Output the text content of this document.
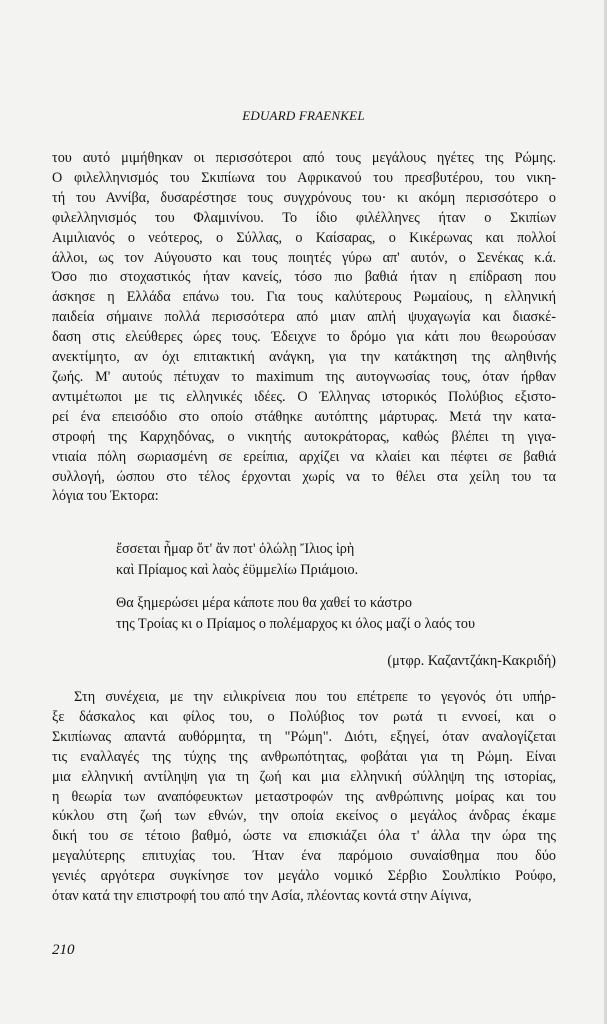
EDUARD FRAENKEL

του αυτό μιμήθηκαν οι περισσότεροι από τους μεγάλους ηγέτες της Ρώμης.

Ο φιλελληνισμός του Σκιπίωνα του Αφρικανού του πρεσβυτέρου, του νικη-

τή του Αννίβα, δυσαρέστησε τους συγχρόνους του· κι ακόμη περισσότερο ο

φιλελληνισμός του Φλαμινίνου. Το ίδιο φιλέλληνες ήταν ο Σκιπίων

Αιμιλιανός ο νεότερος, ο Σύλλας, ο Καίσαρας, ο Κικέρωνας και πολλοί

άλλοι, ως τον Αύγουστο και τους ποιητές γύρω απ' αυτόν, ο Σενέκας κ.ά.

Όσο πιο στοχαστικός ήταν κανείς, τόσο πιο βαθιά ήταν η επίδραση που

άσκησε η Ελλάδα επάνω του. Για τους καλύτερους Ρωμαίους, η ελληνική

παιδεία σήμαινε πολλά περισσότερα από μιαν απλή ψυχαγωγία και διασκέ-

δαση στις ελεύθερες ώρες τους. Έδειχνε το δρόμο για κάτι που θεωρούσαν

ανεκτίμητο, αν όχι επιτακτική ανάγκη, για την κατάκτηση της αληθινής

ζωής. Μ' αυτούς πέτυχαν το maximum της αυτογνωσίας τους, όταν ήρθαν

αντιμέτωποι με τις ελληνικές ιδέες. Ο Έλληνας ιστορικός Πολύβιος εξιστο-

ρεί ένα επεισόδιο στο οποίο στάθηκε αυτόπτης μάρτυρας. Μετά την κατα-

στροφή της Καρχηδόνας, ο νικητής αυτοκράτορας, καθώς βλέπει τη γιγα-

ντιαία πόλη σωριασμένη σε ερείπια, αρχίζει να κλαίει και πέφτει σε βαθιά

συλλογή, ώσπου στο τέλος έρχονται χωρίς να το θέλει στα χείλη του τα

λόγια του Έκτορα:

ἔσσεται ἦμαρ ὅτ' ἄν ποτ' ὀλώλῃ Ἴλιος ἱρὴ
καὶ Πρίαμος καὶ λαὸς ἐϋμμελίω Πριάμοιο.
Θα ξημερώσει μέρα κάποτε που θα χαθεί το κάστρο
της Τροίας κι ο Πρίαμος ο πολέμαρχος κι όλος μαζί ο λαός του
(μτφρ. Καζαντζάκη-Κακριδή)

Στη συνέχεια, με την ειλικρίνεια που του επέτρεπε το γεγονός ότι υπήρ-

ξε δάσκαλος και φίλος του, ο Πολύβιος τον ρωτά τι εννοεί, και ο

Σκιπίωνας απαντά αυθόρμητα, τη "Ρώμη". Διότι, εξηγεί, όταν αναλογίζεται

τις εναλλαγές της τύχης της ανθρωπότητας, φοβάται για τη Ρώμη. Είναι

μια ελληνική αντίληψη για τη ζωή και μια ελληνική σύλληψη της ιστορίας,

η θεωρία των αναπόφευκτων μεταστροφών της ανθρώπινης μοίρας και του

κύκλου στη ζωή των εθνών, την οποία εκείνος ο μεγάλος άνδρας έκαμε

δική του σε τέτοιο βαθμό, ώστε να επισκιάζει όλα τ' άλλα την ώρα της

μεγαλύτερης επιτυχίας του. Ήταν ένα παρόμοιο συναίσθημα που δύο

γενιές αργότερα συγκίνησε τον μεγάλο νομικό Σέρβιο Σουλπίκιο Ρούφο,

όταν κατά την επιστροφή του από την Ασία, πλέοντας κοντά στην Αίγινα,

210
